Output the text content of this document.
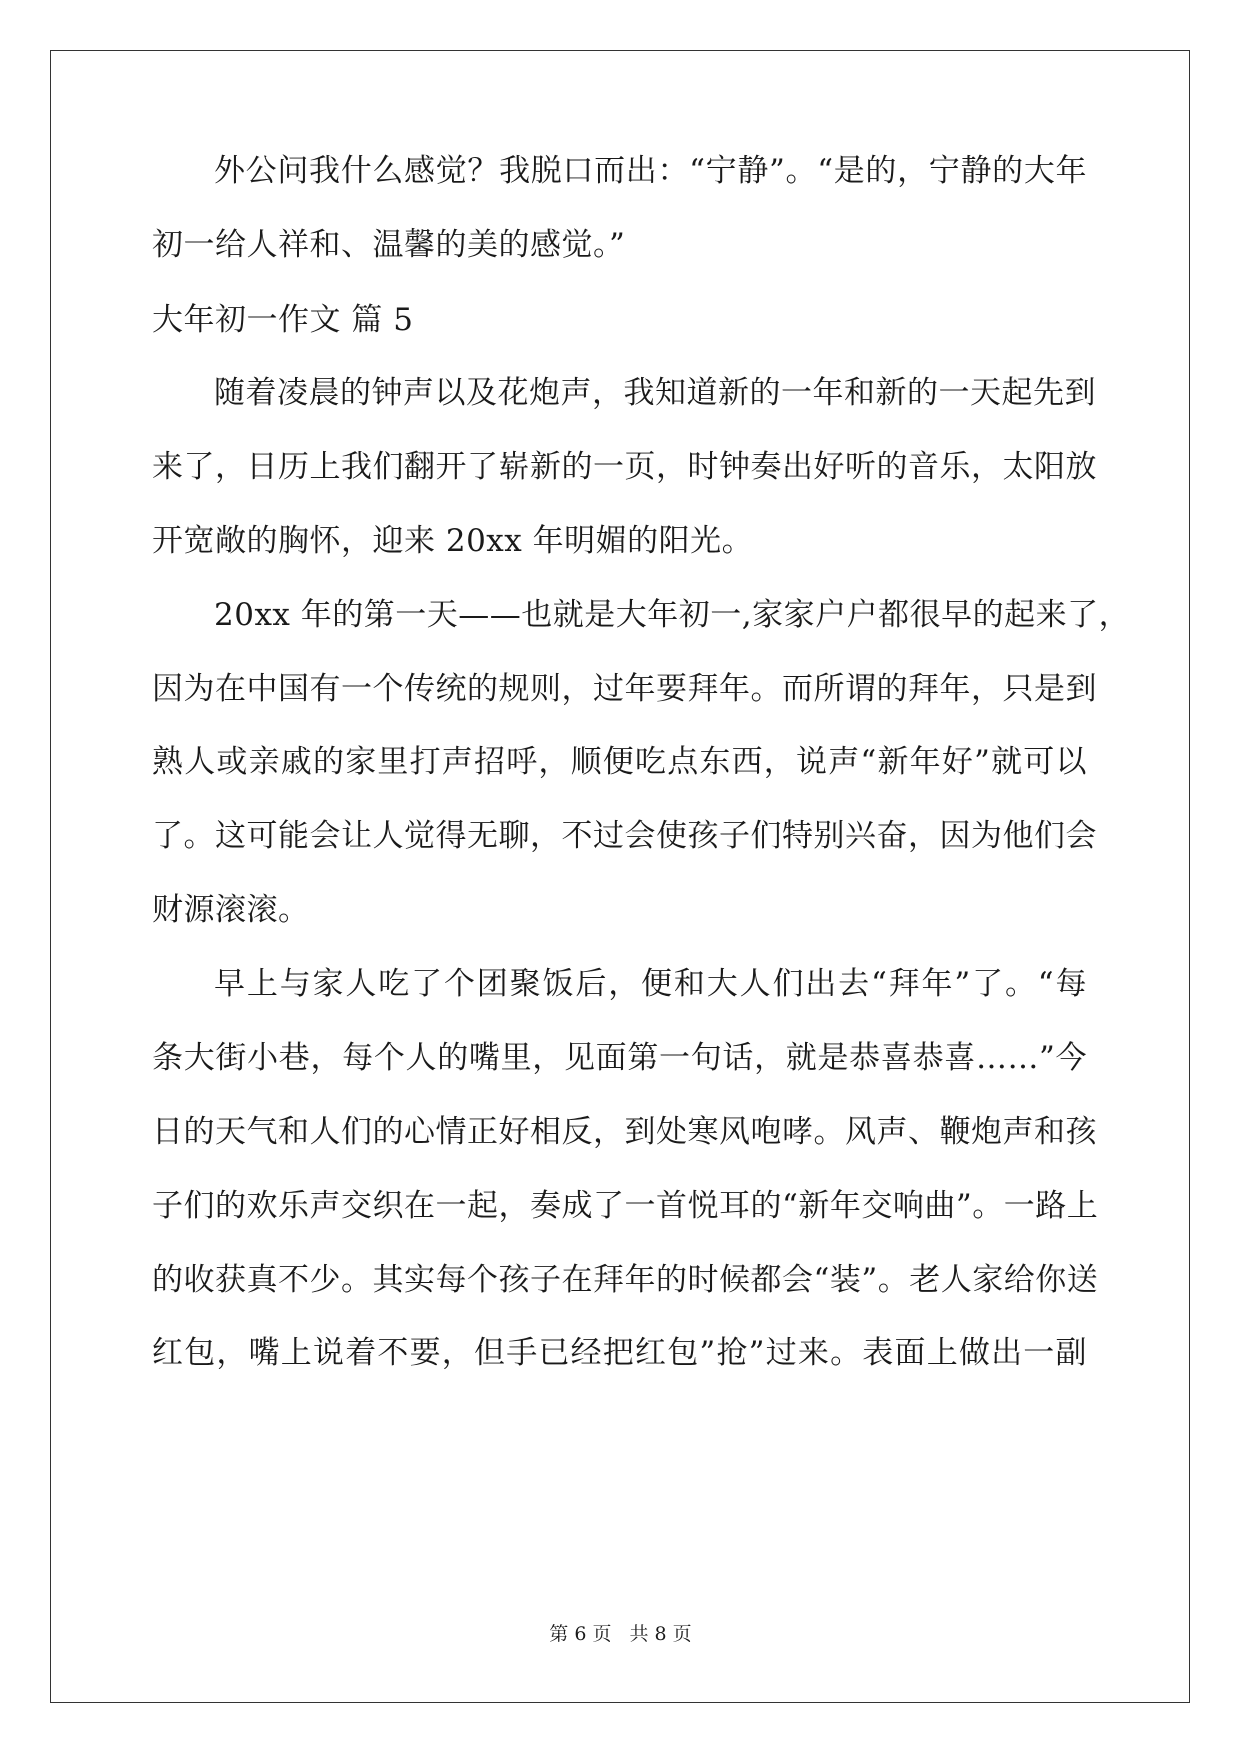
外公问我什么感觉？我脱口而出：“宁静”。“是的，宁静的大年
初一给人祥和、温馨的美的感觉。”
大年初一作文 篇 5
随着凌晨的钟声以及花炮声，我知道新的一年和新的一天起先到
来了，日历上我们翻开了崭新的一页，时钟奏出好听的音乐，太阳放
开宽敞的胸怀，迎来 20xx 年明媚的阳光。
20xx 年的第一天——也就是大年初一,家家户户都很早的起来了，
因为在中国有一个传统的规则，过年要拜年。而所谓的拜年，只是到
熟人或亲戚的家里打声招呼，顺便吃点东西，说声“新年好”就可以
了。这可能会让人觉得无聊，不过会使孩子们特别兴奋，因为他们会
财源滚滚。
早上与家人吃了个团聚饭后，便和大人们出去“拜年”了。“每
条大街小巷，每个人的嘴里，见面第一句话，就是恭喜恭喜……”今
日的天气和人们的心情正好相反，到处寒风咆哮。风声、鞭炮声和孩
子们的欢乐声交织在一起，奏成了一首悦耳的“新年交响曲”。一路上
的收获真不少。其实每个孩子在拜年的时候都会“装”。老人家给你送
红包，嘴上说着不要，但手已经把红包”抢”过来。表面上做出一副
第 6 页 共 8 页
